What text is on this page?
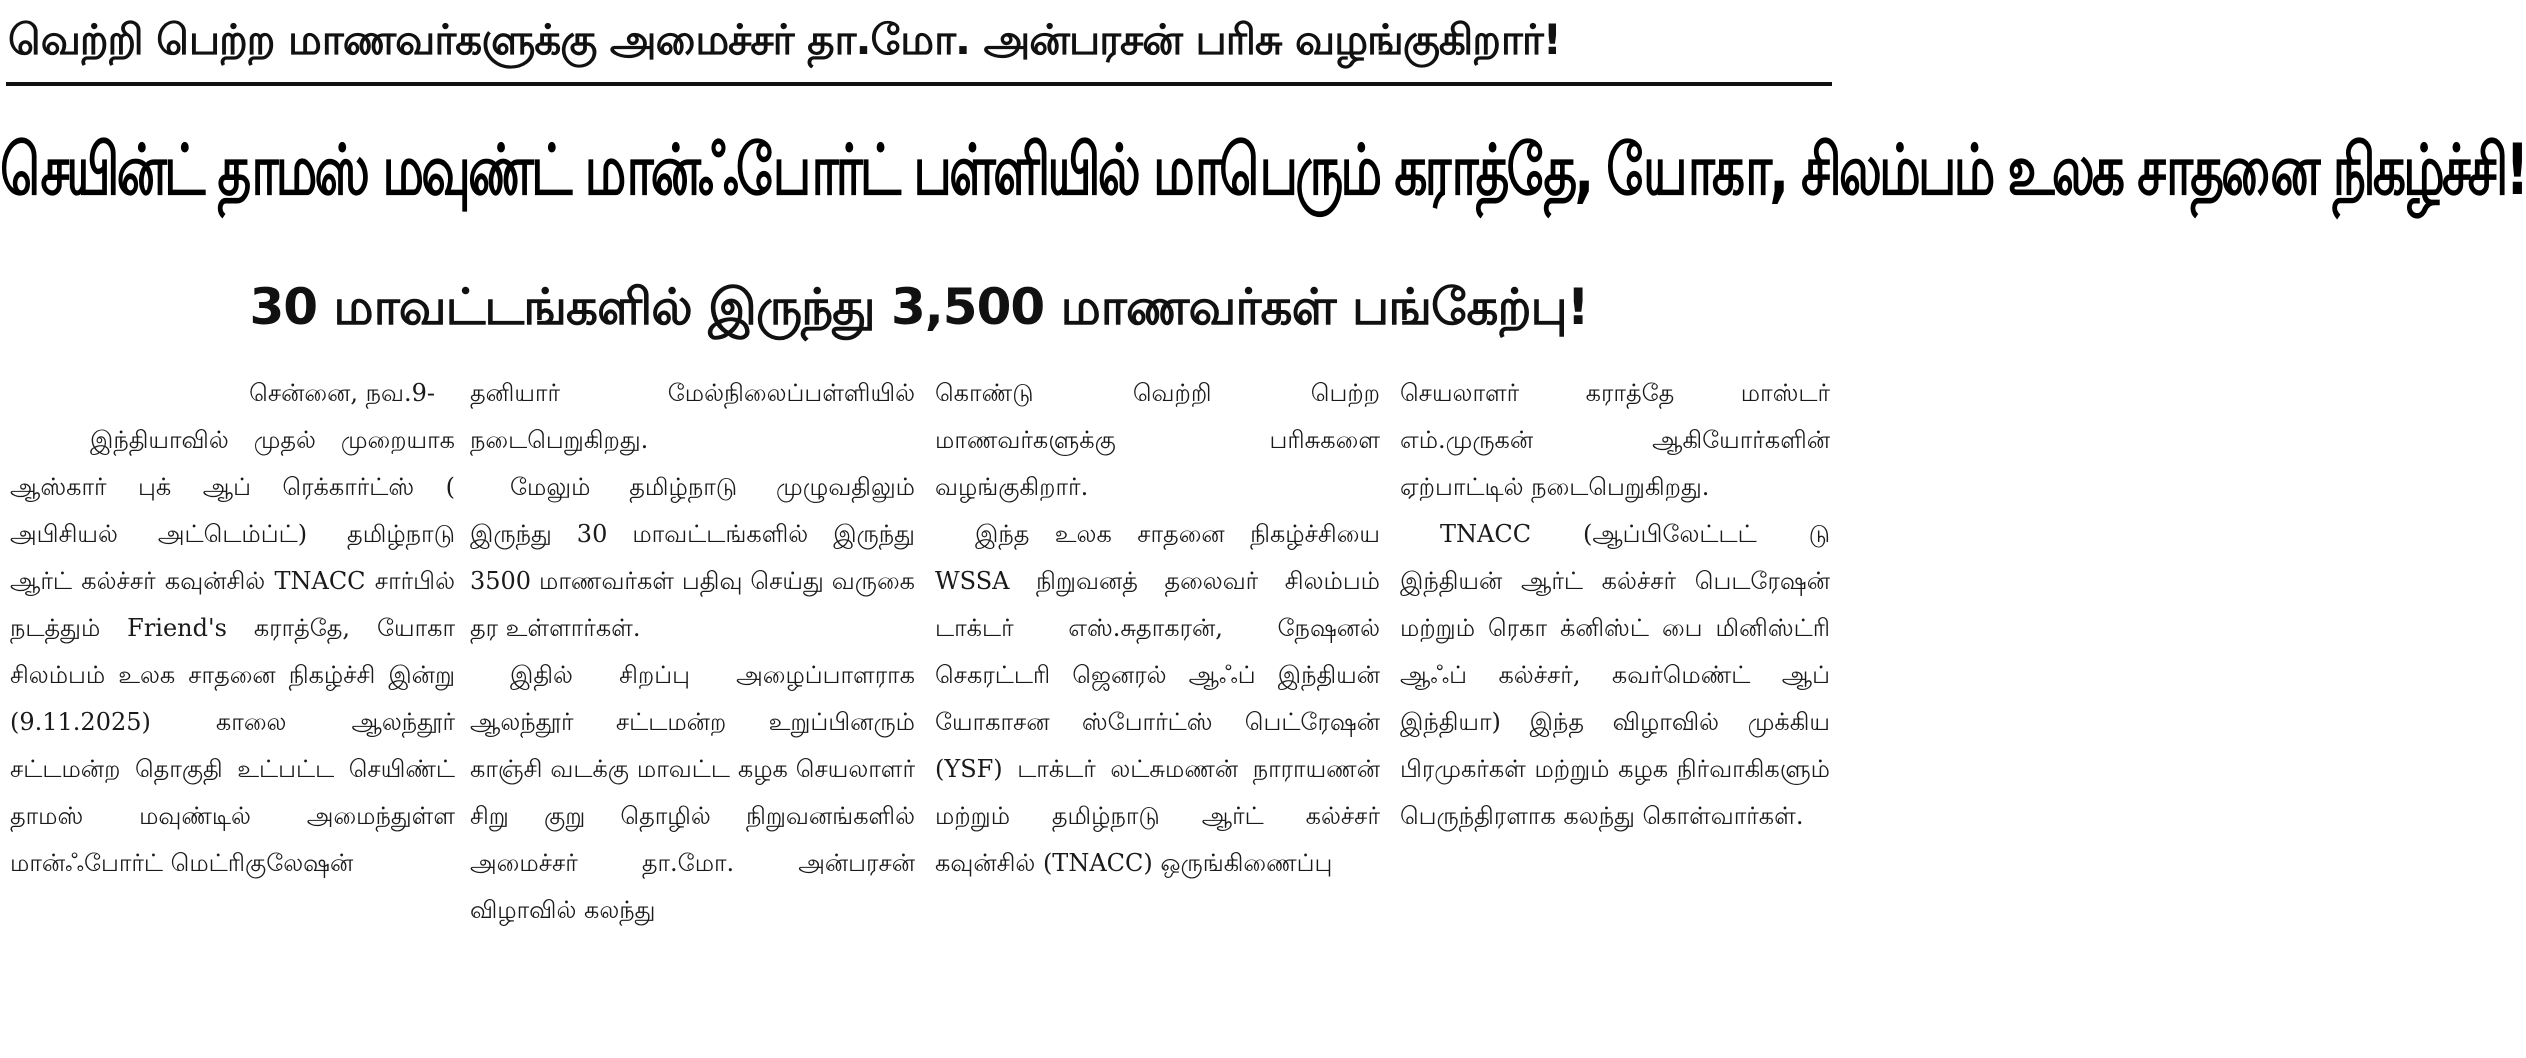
வெற்றி பெற்ற மாணவர்களுக்கு அமைச்சர் தா.மோ. அன்பரசன் பரிசு வழங்குகிறார்!
செயின்ட் தாமஸ் மவுண்ட் மான்ஃபோர்ட் பள்ளியில் மாபெரும் கராத்தே, யோகா, சிலம்பம் உலக சாதனை நிகழ்ச்சி!
30 மாவட்டங்களில் இருந்து 3,500 மாணவர்கள் பங்கேற்பு!

சென்னை, நவ.9-

இந்தியாவில் முதல் முறையாக ஆஸ்கார் புக் ஆப் ரெக்கார்ட்ஸ் ( அபிசியல் அட்டெம்ப்ட்) தமிழ்நாடு ஆர்ட் கல்ச்சர் கவுன்சில் TNACC சார்பில் நடத்தும் Friend's கராத்தே, யோகா சிலம்பம் உலக சாதனை நிகழ்ச்சி இன்று (9.11.2025) காலை ஆலந்தூர் சட்டமன்ற தொகுதி உட்பட்ட செயிண்ட் தாமஸ் மவுண்டில் அமைந்துள்ள மான்ஃபோர்ட் மெட்ரிகுலேஷன்

தனியார் மேல்நிலைப்பள்ளியில் நடைபெறுகிறது.

மேலும் தமிழ்நாடு முழுவதிலும் இருந்து 30 மாவட்டங்களில் இருந்து 3500 மாணவர்கள் பதிவு செய்து வருகை தர உள்ளார்கள்.

இதில் சிறப்பு அழைப்பாளராக ஆலந்தூர் சட்டமன்ற உறுப்பினரும் காஞ்சி வடக்கு மாவட்ட கழக செயலாளர் சிறு குறு தொழில் நிறுவனங்களில் அமைச்சர் தா.மோ. அன்பரசன் விழாவில் கலந்து

கொண்டு வெற்றி பெற்ற மாணவர்களுக்கு பரிசுகளை வழங்குகிறார்.

இந்த உலக சாதனை நிகழ்ச்சியை WSSA நிறுவனத் தலைவர் சிலம்பம் டாக்டர் எஸ்.சுதாகரன், நேஷனல் செகரட்டரி ஜெனரல் ஆஃப் இந்தியன் யோகாசன ஸ்போர்ட்ஸ் பெட்ரேஷன் (YSF) டாக்டர் லட்சுமணன் நாராயணன் மற்றும் தமிழ்நாடு ஆர்ட் கல்ச்சர் கவுன்சில் (TNACC) ஒருங்கிணைப்பு

செயலாளர் கராத்தே மாஸ்டர் எம்.முருகன் ஆகியோர்களின் ஏற்பாட்டில் நடைபெறுகிறது.

TNACC (ஆப்பிலேட்டட் டு இந்தியன் ஆர்ட் கல்ச்சர் பெடரேஷன் மற்றும் ரெகா க்னிஸ்ட் பை மினிஸ்ட்ரி ஆஃப் கல்ச்சர், கவர்மெண்ட் ஆப் இந்தியா) இந்த விழாவில் முக்கிய பிரமுகர்கள் மற்றும் கழக நிர்வாகிகளும் பெருந்திரளாக கலந்து கொள்வார்கள்.
